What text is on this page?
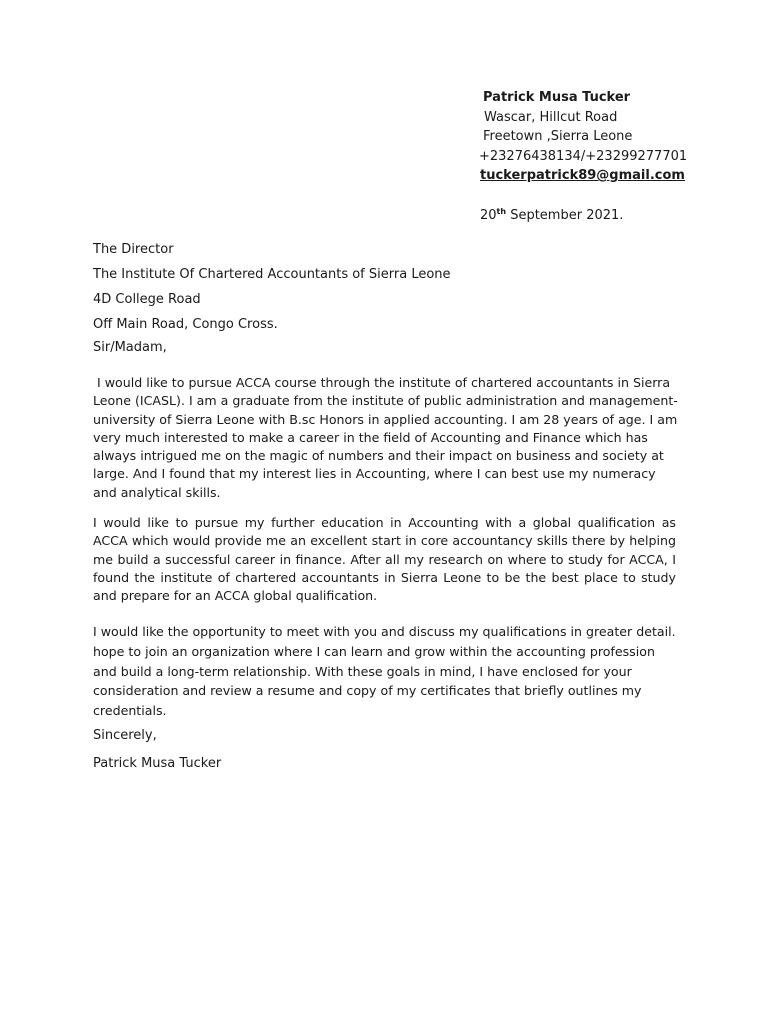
Patrick Musa Tucker
Wascar, Hillcut Road
Freetown ,Sierra Leone
+23276438134/+23299277701
tuckerpatrick89@gmail.com
20th September 2021.
The Director
The Institute Of Chartered Accountants of Sierra Leone
4D College Road
Off Main Road, Congo Cross.
Sir/Madam,
I would like to pursue ACCA course through the institute of chartered accountants in Sierra
Leone (ICASL). I am a graduate from the institute of public administration and management-
university of Sierra Leone with B.sc Honors in applied accounting. I am 28 years of age. I am
very much interested to make a career in the field of Accounting and Finance which has
always intrigued me on the magic of numbers and their impact on business and society at
large. And I found that my interest lies in Accounting, where I can best use my numeracy
and analytical skills.
I would like to pursue my further education in Accounting with a global qualification as
ACCA which would provide me an excellent start in core accountancy skills there by helping
me build a successful career in finance. After all my research on where to study for ACCA, I
found the institute of chartered accountants in Sierra Leone to be the best place to study
and prepare for an ACCA global qualification.
I would like the opportunity to meet with you and discuss my qualifications in greater detail.
hope to join an organization where I can learn and grow within the accounting profession
and build a long-term relationship. With these goals in mind, I have enclosed for your
consideration and review a resume and copy of my certificates that briefly outlines my
credentials.
Sincerely,
Patrick Musa Tucker
